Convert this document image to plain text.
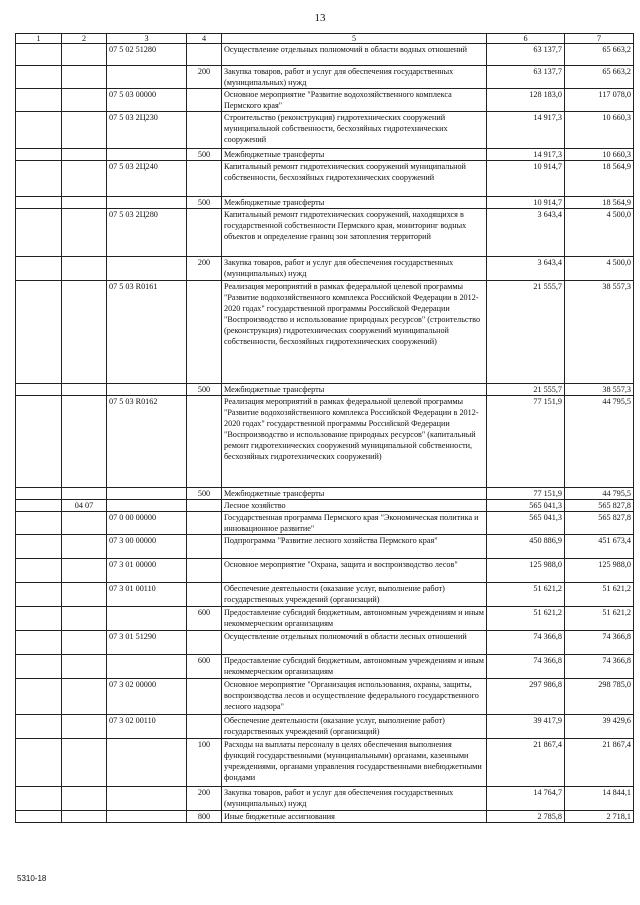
13
1	2	3	4	5	6	7
		07 5 02 51280		Осуществление отдельных полномочий в области водных отношений	63 137,7	65 663,2
			200	Закупка товаров, работ и услуг для обеспечения государственных (муниципальных) нужд	63 137,7	65 663,2
		07 5 03 00000		Основное мероприятие "Развитие водохозяйственного комплекса Пермского края"	128 183,0	117 078,0
		07 5 03 2Ц230		Строительство (реконструкция) гидротехнических сооружений муниципальной собственности, бесхозяйных гидротехнических сооружений	14 917,3	10 660,3
			500	Межбюджетные трансферты	14 917,3	10 660,3
		07 5 03 2Ц240		Капитальный ремонт гидротехнических сооружений муниципальной собственности, бесхозяйных гидротехнических сооружений	10 914,7	18 564,9
			500	Межбюджетные трансферты	10 914,7	18 564,9
		07 5 03 2Ц280		Капитальный ремонт гидротехнических сооружений, находящихся в государственной собственности Пермского края, мониторинг водных объектов и определение границ зон затопления территорий	3 643,4	4 500,0
			200	Закупка товаров, работ и услуг для обеспечения государственных (муниципальных) нужд	3 643,4	4 500,0
		07 5 03 R0161		Реализация мероприятий в рамках федеральной целевой программы "Развитие водохозяйственного комплекса Российской Федерации в 2012-2020 годах" государственной программы Российской Федерации "Воспроизводство и использование природных ресурсов" (строительство (реконструкция) гидротехнических сооружений муниципальной собственности, бесхозяйных гидротехнических сооружений)	21 555,7	38 557,3
			500	Межбюджетные трансферты	21 555,7	38 557,3
		07 5 03 R0162		Реализация мероприятий в рамках федеральной целевой программы "Развитие водохозяйственного комплекса Российской Федерации в 2012-2020 годах" государственной программы Российской Федерации "Воспроизводство и использование природных ресурсов" (капитальный ремонт гидротехнических сооружений муниципальной собственности, бесхозяйных гидротехнических сооружений)	77 151,9	44 795,5
			500	Межбюджетные трансферты	77 151,9	44 795,5
	04 07			Лесное хозяйство	565 041,3	565 827,8
		07 0 00 00000		Государственная программа Пермского края "Экономическая политика и инновационное развитие"	565 041,3	565 827,8
		07 3 00 00000		Подпрограмма "Развитие лесного хозяйства Пермского края"	450 886,9	451 673,4
		07 3 01 00000		Основное мероприятие "Охрана, защита и воспроизводство лесов"	125 988,0	125 988,0
		07 3 01 00110		Обеспечение деятельности (оказание услуг, выполнение работ) государственных учреждений (организаций)	51 621,2	51 621,2
			600	Предоставление субсидий бюджетным, автономным учреждениям и иным некоммерческим организациям	51 621,2	51 621,2
		07 3 01 51290		Осуществление отдельных полномочий в области лесных отношений	74 366,8	74 366,8
			600	Предоставление субсидий бюджетным, автономным учреждениям и иным некоммерческим организациям	74 366,8	74 366,8
		07 3 02 00000		Основное мероприятие "Организация использования, охраны, защиты, воспроизводства лесов и осуществление федерального государственного лесного надзора"	297 986,8	298 785,0
		07 3 02 00110		Обеспечение деятельности (оказание услуг, выполнение работ) государственных учреждений (организаций)	39 417,9	39 429,6
			100	Расходы на выплаты персоналу в целях обеспечения выполнения функций государственными (муниципальными) органами, казенными учреждениями, органами управления государственными внебюджетными фондами	21 867,4	21 867,4
			200	Закупка товаров, работ и услуг для обеспечения государственных (муниципальных) нужд	14 764,7	14 844,1
			800	Иные бюджетные ассигнования	2 785,8	2 718,1
5310-18
